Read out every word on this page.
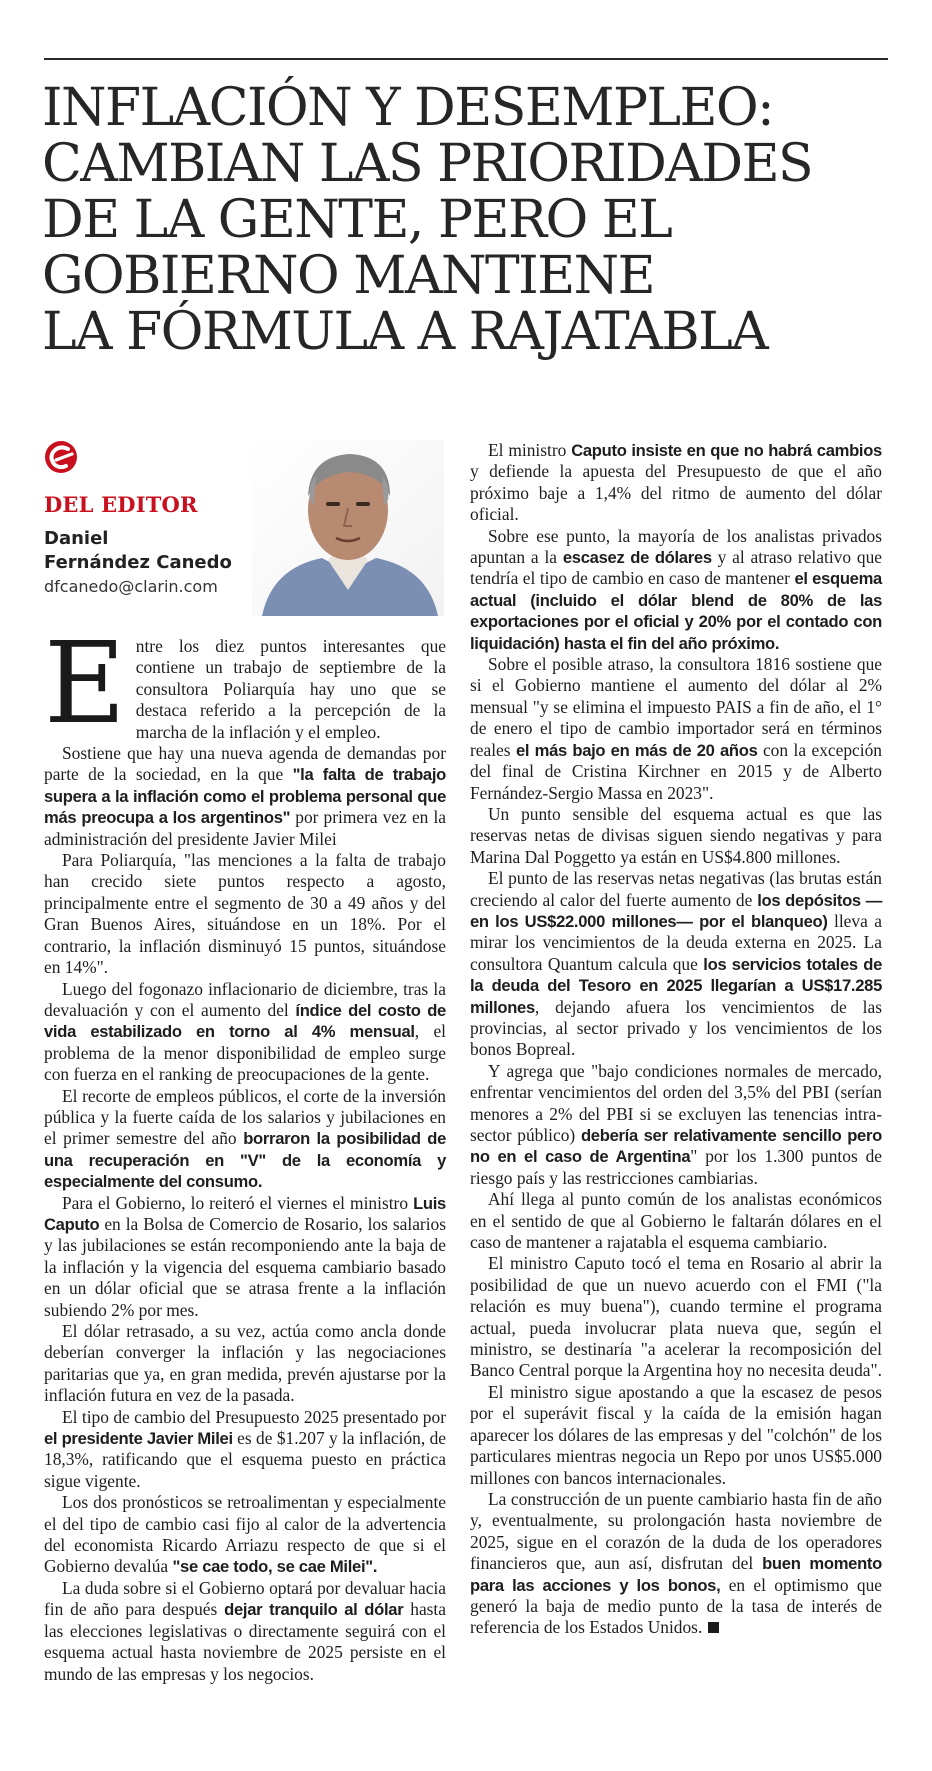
INFLACIÓN Y DESEMPLEO:
CAMBIAN LAS PRIORIDADES
DE LA GENTE, PERO EL
GOBIERNO MANTIENE
LA FÓRMULA A RAJATABLA
DEL EDITOR
Daniel
Fernández Canedo
dfcanedo@clarin.com

Entre los diez puntos interesantes que contiene un trabajo de septiembre de la consultora Poliarquía hay uno que se destaca referido a la percepción de la marcha de la inflación y el empleo.

Sostiene que hay una nueva agenda de demandas por parte de la sociedad, en la que "la falta de trabajo supera a la inflación como el problema personal que más preocupa a los argentinos" por primera vez en la administración del presidente Javier Milei

Para Poliarquía, "las menciones a la falta de trabajo han crecido siete puntos respecto a agosto, principalmente entre el segmento de 30 a 49 años y del Gran Buenos Aires, situándose en un 18%. Por el contrario, la inflación disminuyó 15 puntos, situándose en 14%".

Luego del fogonazo inflacionario de diciembre, tras la devaluación y con el aumento del índice del costo de vida estabilizado en torno al 4% mensual, el problema de la menor disponibilidad de empleo surge con fuerza en el ranking de preocupaciones de la gente.

El recorte de empleos públicos, el corte de la inversión pública y la fuerte caída de los salarios y jubilaciones en el primer semestre del año borraron la posibilidad de una recuperación en "V" de la economía y especialmente del consumo.

Para el Gobierno, lo reiteró el viernes el ministro Luis Caputo en la Bolsa de Comercio de Rosario, los salarios y las jubilaciones se están recomponiendo ante la baja de la inflación y la vigencia del esquema cambiario basado en un dólar oficial que se atrasa frente a la inflación subiendo 2% por mes.

El dólar retrasado, a su vez, actúa como ancla donde deberían converger la inflación y las negociaciones paritarias que ya, en gran medida, prevén ajustarse por la inflación futura en vez de la pasada.

El tipo de cambio del Presupuesto 2025 presentado por el presidente Javier Milei es de $1.207 y la inflación, de 18,3%, ratificando que el esquema puesto en práctica sigue vigente.

Los dos pronósticos se retroalimentan y especialmente el del tipo de cambio casi fijo al calor de la advertencia del economista Ricardo Arriazu respecto de que si el Gobierno devalúa "se cae todo, se cae Milei".

La duda sobre si el Gobierno optará por devaluar hacia fin de año para después dejar tranquilo al dólar hasta las elecciones legislativas o directamente seguirá con el esquema actual hasta noviembre de 2025 persiste en el mundo de las empresas y los negocios.

El ministro Caputo insiste en que no habrá cambios y defiende la apuesta del Presupuesto de que el año próximo baje a 1,4% del ritmo de aumento del dólar oficial.

Sobre ese punto, la mayoría de los analistas privados apuntan a la escasez de dólares y al atraso relativo que tendría el tipo de cambio en caso de mantener el esquema actual (incluido el dólar blend de 80% de las exportaciones por el oficial y 20% por el contado con liquidación) hasta el fin del año próximo.

Sobre el posible atraso, la consultora 1816 sostiene que si el Gobierno mantiene el aumento del dólar al 2% mensual "y se elimina el impuesto PAIS a fin de año, el 1° de enero el tipo de cambio importador será en términos reales el más bajo en más de 20 años con la excepción del final de Cristina Kirchner en 2015 y de Alberto Fernández-Sergio Massa en 2023".

Un punto sensible del esquema actual es que las reservas netas de divisas siguen siendo negativas y para Marina Dal Poggetto ya están en US$4.800 millones.

El punto de las reservas netas negativas (las brutas están creciendo al calor del fuerte aumento de los depósitos —en los US$22.000 millones— por el blanqueo) lleva a mirar los vencimientos de la deuda externa en 2025. La consultora Quantum calcula que los servicios totales de la deuda del Tesoro en 2025 llegarían a US$17.285 millones, dejando afuera los vencimientos de las provincias, al sector privado y los vencimientos de los bonos Bopreal.

Y agrega que "bajo condiciones normales de mercado, enfrentar vencimientos del orden del 3,5% del PBI (serían menores a 2% del PBI si se excluyen las tenencias intra-sector público) debería ser relativamente sencillo pero no en el caso de Argentina" por los 1.300 puntos de riesgo país y las restricciones cambiarias.

Ahí llega al punto común de los analistas económicos en el sentido de que al Gobierno le faltarán dólares en el caso de mantener a rajatabla el esquema cambiario.

El ministro Caputo tocó el tema en Rosario al abrir la posibilidad de que un nuevo acuerdo con el FMI ("la relación es muy buena"), cuando termine el programa actual, pueda involucrar plata nueva que, según el ministro, se destinaría "a acelerar la recomposición del Banco Central porque la Argentina hoy no necesita deuda".

El ministro sigue apostando a que la escasez de pesos por el superávit fiscal y la caída de la emisión hagan aparecer los dólares de las empresas y del "colchón" de los particulares mientras negocia un Repo por unos US$5.000 millones con bancos internacionales.

La construcción de un puente cambiario hasta fin de año y, eventualmente, su prolongación hasta noviembre de 2025, sigue en el corazón de la duda de los operadores financieros que, aun así, disfrutan del buen momento para las acciones y los bonos, en el optimismo que generó la baja de medio punto de la tasa de interés de referencia de los Estados Unidos.
